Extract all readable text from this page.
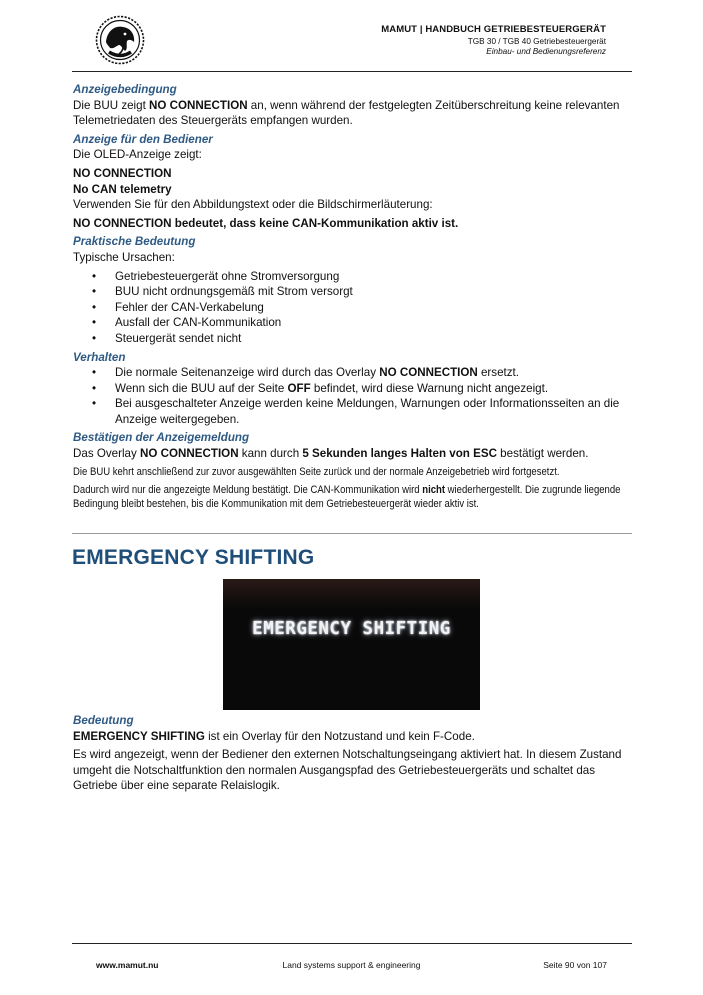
MAMUT | HANDBUCH GETRIEBESTEUERGERÄT
TGB 30 / TGB 40 Getriebesteuergerät
Einbau- und Bedienungsreferenz
Anzeigebedingung

Die BUU zeigt NO CONNECTION an, wenn während der festgelegten Zeitüberschreitung keine relevanten Telemetriedaten des Steuergeräts empfangen wurden.

Anzeige für den Bediener

Die OLED-Anzeige zeigt:

NO CONNECTION

No CAN telemetry

Verwenden Sie für den Abbildungstext oder die Bildschirmerläuterung:

NO CONNECTION bedeutet, dass keine CAN-Kommunikation aktiv ist.

Praktische Bedeutung

Typische Ursachen:

• Getriebesteuergerät ohne Stromversorgung
• BUU nicht ordnungsgemäß mit Strom versorgt
• Fehler der CAN-Verkabelung
• Ausfall der CAN-Kommunikation
• Steuergerät sendet nicht
Verhalten
• Die normale Seitenanzeige wird durch das Overlay NO CONNECTION ersetzt.
• Wenn sich die BUU auf der Seite OFF befindet, wird diese Warnung nicht angezeigt.
• Bei ausgeschalteter Anzeige werden keine Meldungen, Warnungen oder Informationsseiten an die Anzeige weitergegeben.
Bestätigen der Anzeigemeldung

Das Overlay NO CONNECTION kann durch 5 Sekunden langes Halten von ESC bestätigt werden.

Die BUU kehrt anschließend zur zuvor ausgewählten Seite zurück und der normale Anzeigebetrieb wird fortgesetzt.

Dadurch wird nur die angezeigte Meldung bestätigt. Die CAN-Kommunikation wird nicht wiederhergestellt. Die zugrunde liegende Bedingung bleibt bestehen, bis die Kommunikation mit dem Getriebesteuergerät wieder aktiv ist.

EMERGENCY SHIFTING
EMERGENCY SHIFTING
Bedeutung

EMERGENCY SHIFTING ist ein Overlay für den Notzustand und kein F-Code.

Es wird angezeigt, wenn der Bediener den externen Notschaltungseingang aktiviert hat. In diesem Zustand umgeht die Notschaltfunktion den normalen Ausgangspfad des Getriebesteuergeräts und schaltet das Getriebe über eine separate Relaislogik.

www.mamut.nu	Land systems support & engineering	Seite 90 von 107
